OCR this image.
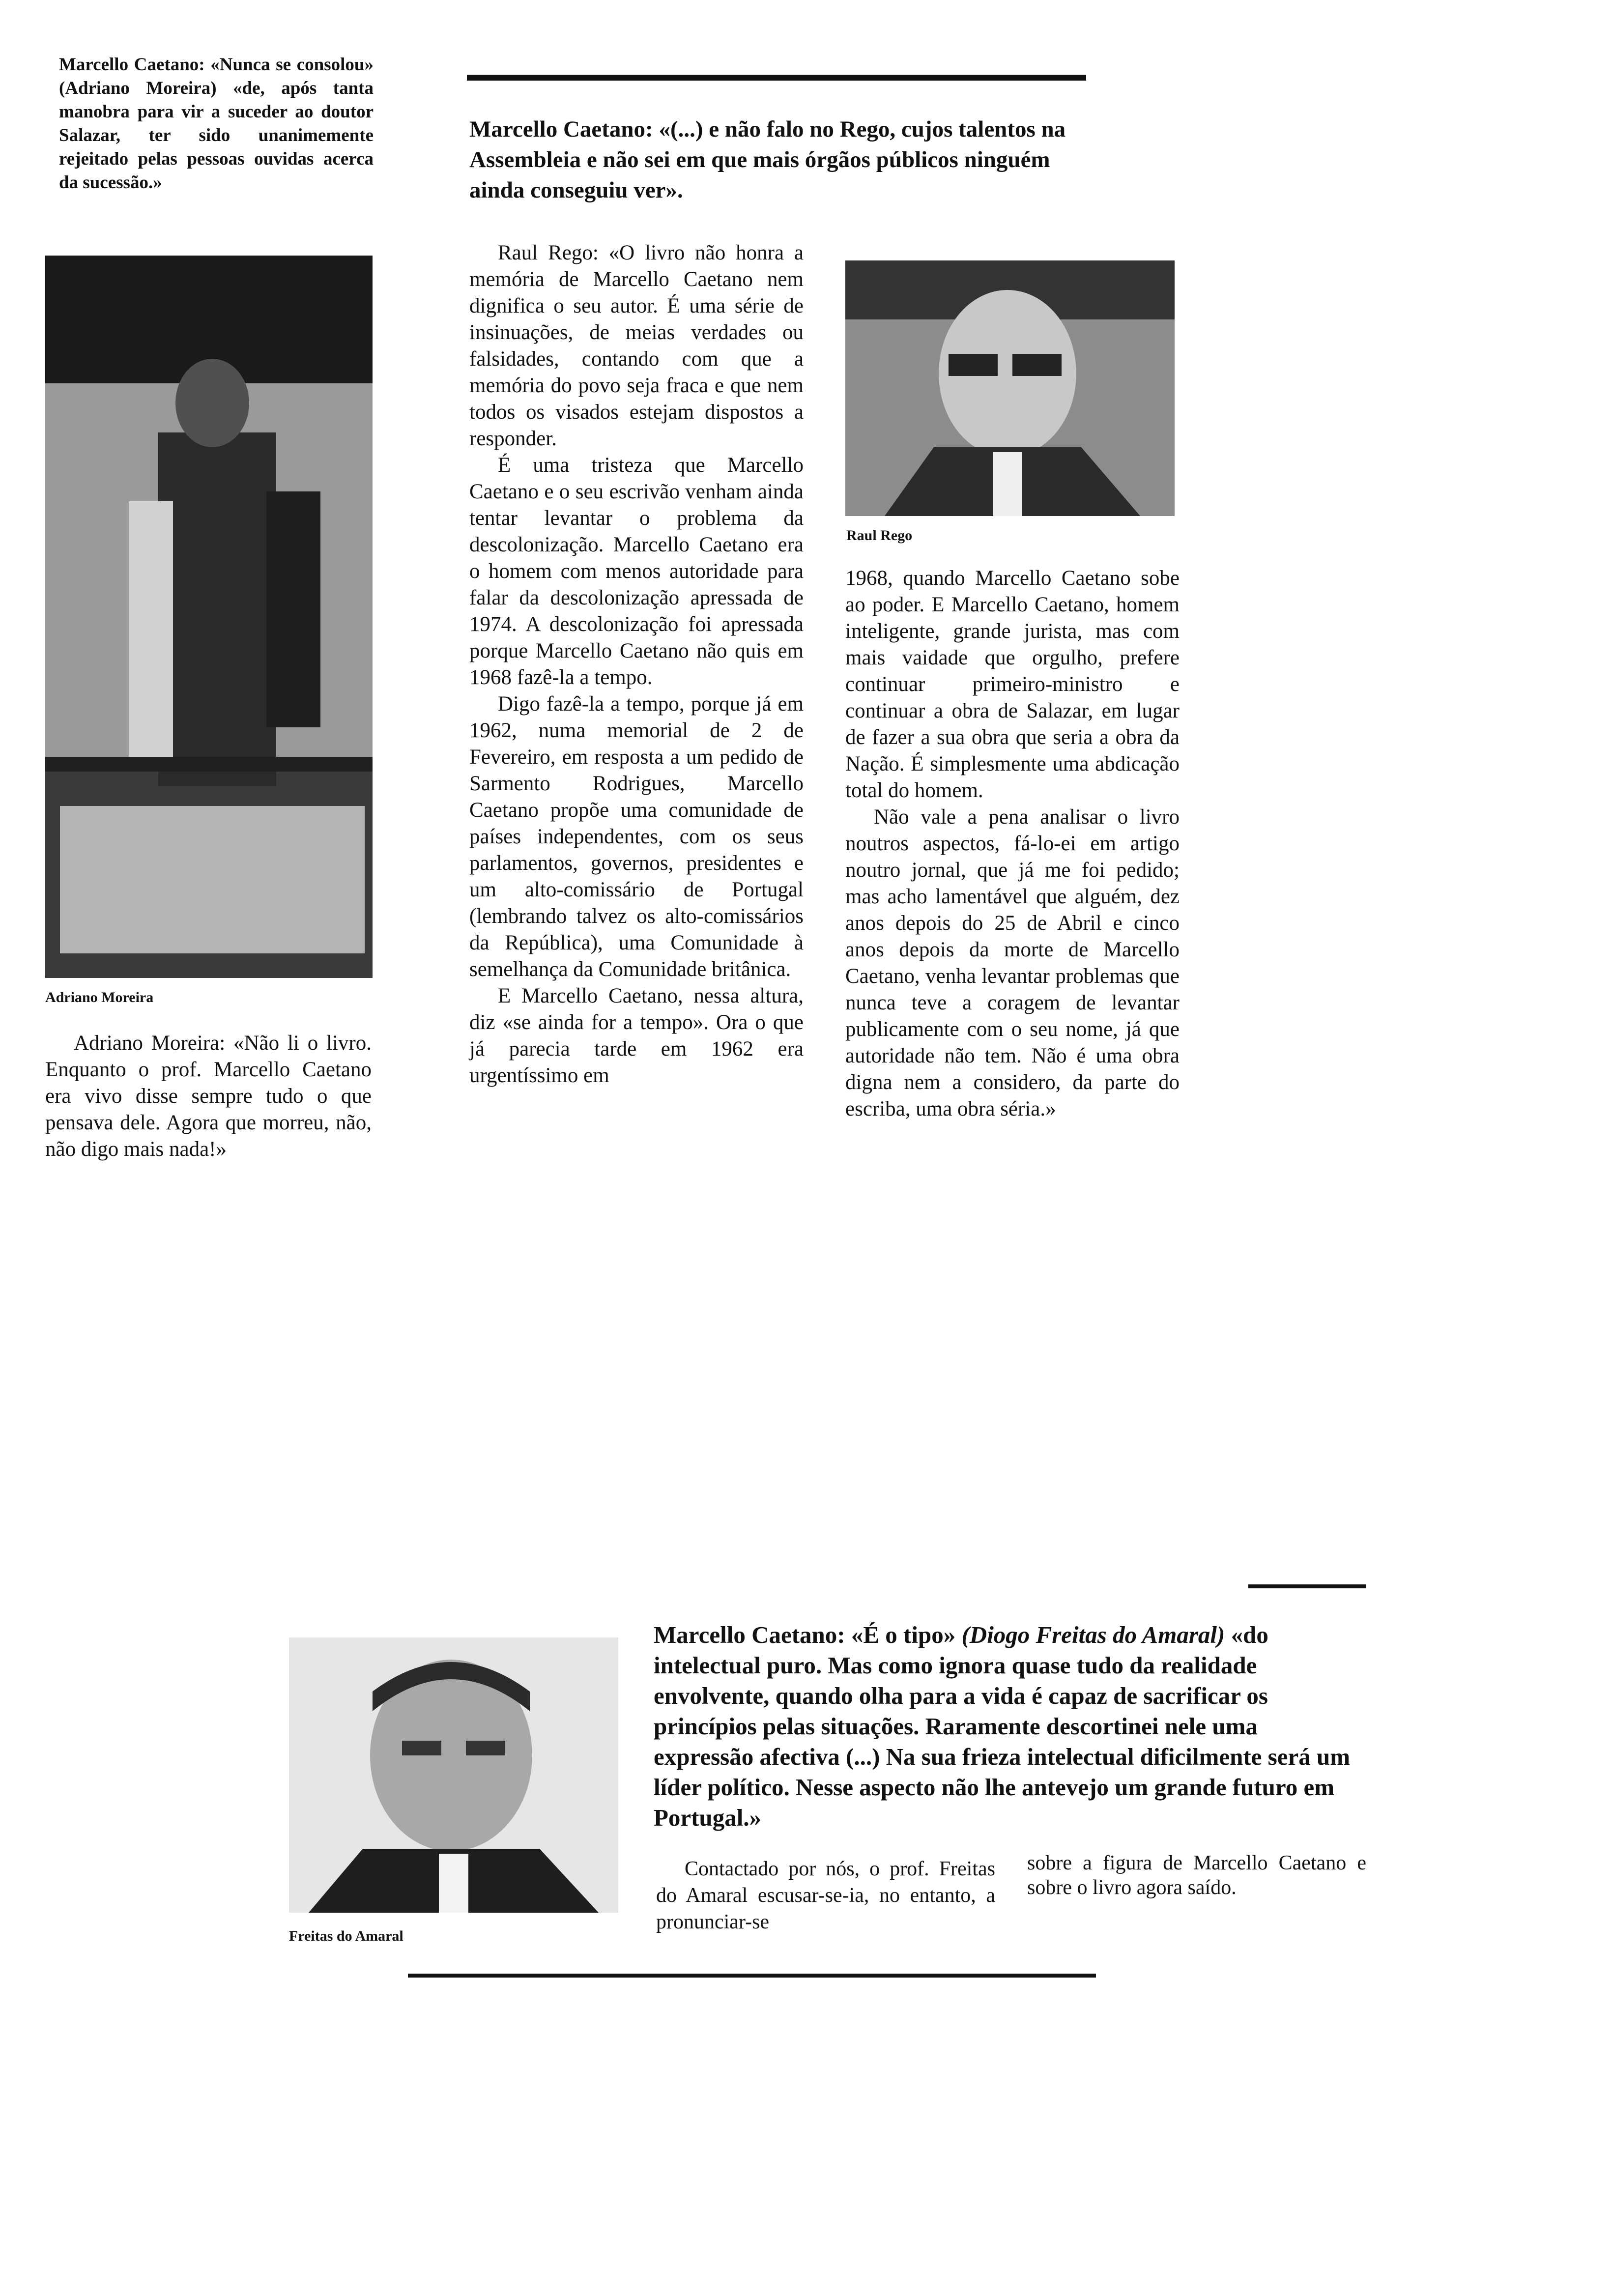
Marcello Caetano: «Nunca se consolou» (Adriano Moreira) «de, após tanta manobra para vir a suceder ao doutor Salazar, ter sido unanimemente rejeitado pelas pessoas ouvidas acerca da sucessão.»
Adriano Moreira

Adriano Moreira: «Não li o livro. Enquanto o prof. Marcello Caetano era vivo disse sempre tudo o que pensava dele. Agora que morreu, não, não digo mais nada!»

Marcello Caetano: «(...) e não falo no Rego, cujos talentos na Assembleia e não sei em que mais órgãos públicos ninguém ainda conseguiu ver».

Raul Rego: «O livro não honra a memória de Marcello Caetano nem dignifica o seu autor. É uma série de insinuações, de meias verdades ou falsidades, contando com que a memória do povo seja fraca e que nem todos os visados estejam dispostos a responder.

É uma tristeza que Marcello Caetano e o seu escrivão venham ainda tentar levantar o problema da descolonização. Marcello Caetano era o homem com menos autoridade para falar da descolonização apressada de 1974. A descolonização foi apressada porque Marcello Caetano não quis em 1968 fazê-la a tempo.

Digo fazê-la a tempo, porque já em 1962, numa memorial de 2 de Fevereiro, em resposta a um pedido de Sarmento Rodrigues, Marcello Caetano propõe uma comunidade de países independentes, com os seus parlamentos, governos, presidentes e um alto-comissário de Portugal (lembrando talvez os alto-comissários da República), uma Comunidade à semelhança da Comunidade britânica.

E Marcello Caetano, nessa altura, diz «se ainda for a tempo». Ora o que já parecia tarde em 1962 era urgentíssimo em

Raul Rego

1968, quando Marcello Caetano sobe ao poder. E Marcello Caetano, homem inteligente, grande jurista, mas com mais vaidade que orgulho, prefere continuar primeiro-ministro e continuar a obra de Salazar, em lugar de fazer a sua obra que seria a obra da Nação. É simplesmente uma abdicação total do homem.

Não vale a pena analisar o livro noutros aspectos, fá-lo-ei em artigo noutro jornal, que já me foi pedido; mas acho lamentável que alguém, dez anos depois do 25 de Abril e cinco anos depois da morte de Marcello Caetano, venha levantar problemas que nunca teve a coragem de levantar publicamente com o seu nome, já que autoridade não tem. Não é uma obra digna nem a considero, da parte do escriba, uma obra séria.»

Freitas do Amaral
Marcello Caetano: «É o tipo» (Diogo Freitas do Amaral) «do intelectual puro. Mas como ignora quase tudo da realidade envolvente, quando olha para a vida é capaz de sacrificar os princípios pelas situações. Raramente descortinei nele uma expressão afectiva (...) Na sua frieza intelectual dificilmente será um líder político. Nesse aspecto não lhe antevejo um grande futuro em Portugal.»

Contactado por nós, o prof. Freitas do Amaral escusar-se-ia, no entanto, a pronunciar-se

sobre a figura de Marcello Caetano e sobre o livro agora saído.
